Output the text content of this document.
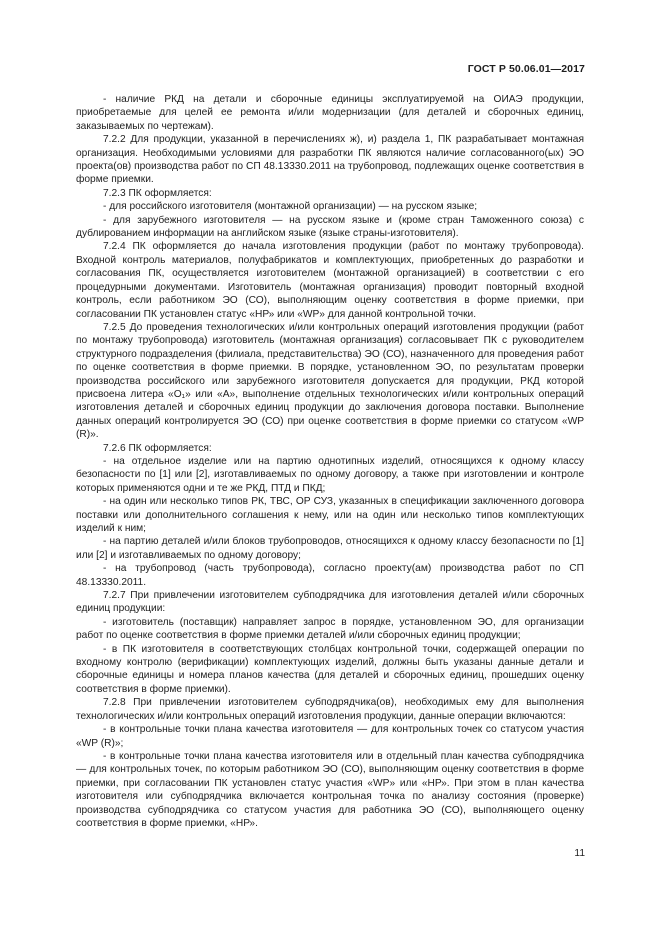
ГОСТ Р 50.06.01—2017

- наличие РКД на детали и сборочные единицы эксплуатируемой на ОИАЭ продукции, приобретаемые для целей ее ремонта и/или модернизации (для деталей и сборочных единиц, заказываемых по чертежам).

7.2.2 Для продукции, указанной в перечислениях ж), и) раздела 1, ПК разрабатывает монтажная организация. Необходимыми условиями для разработки ПК являются наличие согласованного(ых) ЭО проекта(ов) производства работ по СП 48.13330.2011 на трубопровод, подлежащих оценке соответствия в форме приемки.

7.2.3 ПК оформляется:

- для российского изготовителя (монтажной организации) — на русском языке;

- для зарубежного изготовителя — на русском языке и (кроме стран Таможенного союза) с дублированием информации на английском языке (языке страны-изготовителя).

7.2.4 ПК оформляется до начала изготовления продукции (работ по монтажу трубопровода). Входной контроль материалов, полуфабрикатов и комплектующих, приобретенных до разработки и согласования ПК, осуществляется изготовителем (монтажной организацией) в соответствии с его процедурными документами. Изготовитель (монтажная организация) проводит повторный входной контроль, если работником ЭО (СО), выполняющим оценку соответствия в форме приемки, при согласовании ПК установлен статус «НР» или «WP» для данной контрольной точки.

7.2.5 До проведения технологических и/или контрольных операций изготовления продукции (работ по монтажу трубопровода) изготовитель (монтажная организация) согласовывает ПК с руководителем структурного подразделения (филиала, представительства) ЭО (СО), назначенного для проведения работ по оценке соответствия в форме приемки. В порядке, установленном ЭО, по результатам проверки производства российского или зарубежного изготовителя допускается для продукции, РКД которой присвоена литера «О₁» или «А», выполнение отдельных технологических и/или контрольных операций изготовления деталей и сборочных единиц продукции до заключения договора поставки. Выполнение данных операций контролируется ЭО (СО) при оценке соответствия в форме приемки со статусом «WP (R)».

7.2.6 ПК оформляется:

- на отдельное изделие или на партию однотипных изделий, относящихся к одному классу безопасности по [1] или [2], изготавливаемых по одному договору, а также при изготовлении и контроле которых применяются одни и те же РКД, ПТД и ПКД;

- на один или несколько типов РК, ТВС, ОР СУЗ, указанных в спецификации заключенного договора поставки или дополнительного соглашения к нему, или на один или несколько типов комплектующих изделий к ним;

- на партию деталей и/или блоков трубопроводов, относящихся к одному классу безопасности по [1] или [2] и изготавливаемых по одному договору;

- на трубопровод (часть трубопровода), согласно проекту(ам) производства работ по СП 48.13330.2011.

7.2.7 При привлечении изготовителем субподрядчика для изготовления деталей и/или сборочных единиц продукции:

- изготовитель (поставщик) направляет запрос в порядке, установленном ЭО, для организации работ по оценке соответствия в форме приемки деталей и/или сборочных единиц продукции;

- в ПК изготовителя в соответствующих столбцах контрольной точки, содержащей операции по входному контролю (верификации) комплектующих изделий, должны быть указаны данные детали и сборочные единицы и номера планов качества (для деталей и сборочных единиц, прошедших оценку соответствия в форме приемки).

7.2.8 При привлечении изготовителем субподрядчика(ов), необходимых ему для выполнения технологических и/или контрольных операций изготовления продукции, данные операции включаются:

- в контрольные точки плана качества изготовителя — для контрольных точек со статусом участия «WP (R)»;

- в контрольные точки плана качества изготовителя или в отдельный план качества субподрядчика — для контрольных точек, по которым работником ЭО (СО), выполняющим оценку соответствия в форме приемки, при согласовании ПК установлен статус участия «WP» или «НР». При этом в план качества изготовителя или субподрядчика включается контрольная точка по анализу состояния (проверке) производства субподрядчика со статусом участия для работника ЭО (СО), выполняющего оценку соответствия в форме приемки, «НР».

11
